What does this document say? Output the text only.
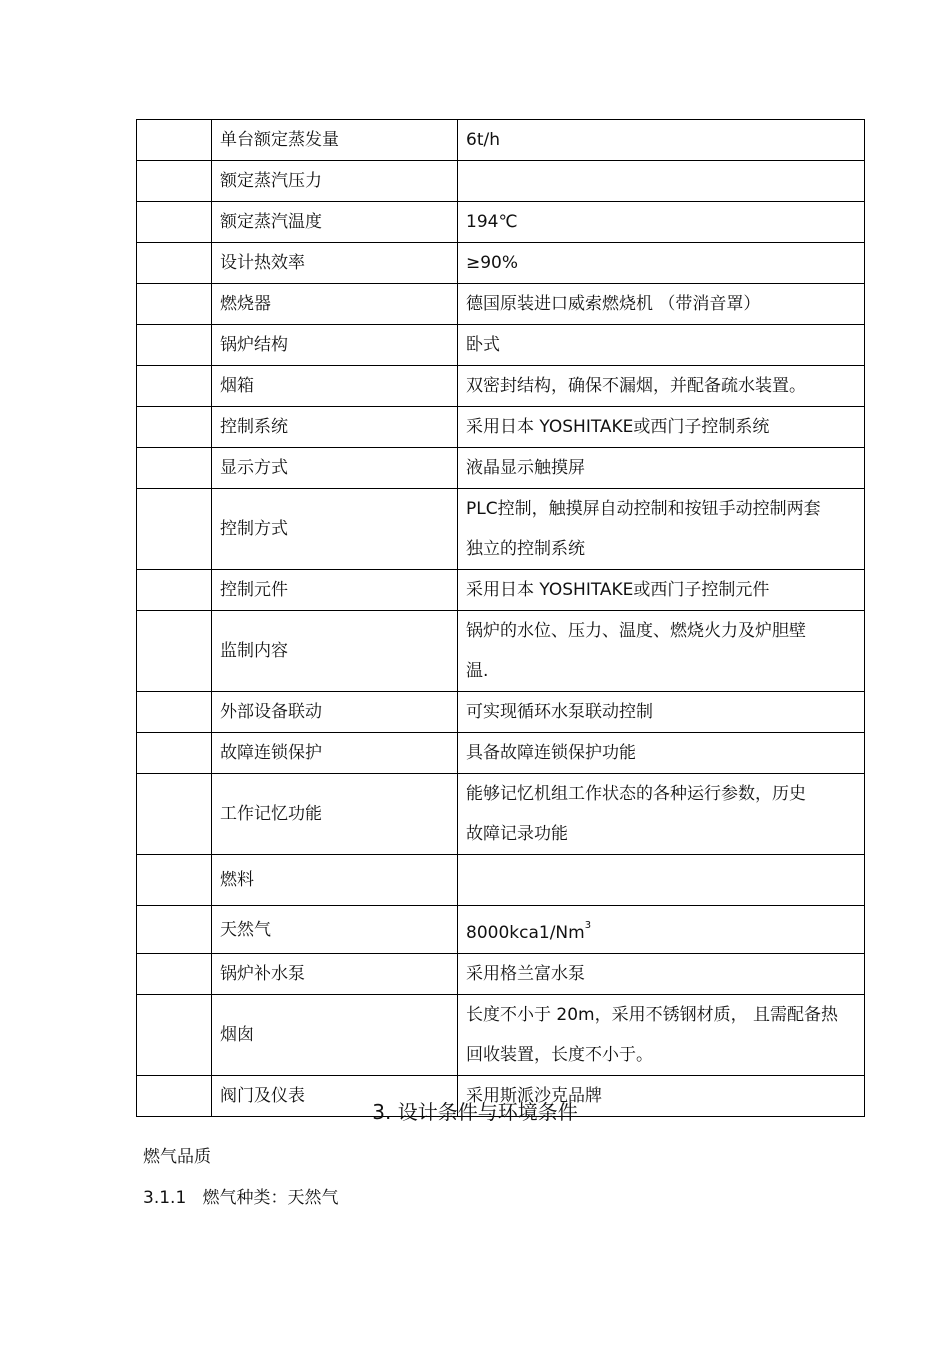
	单台额定蒸发量	6t/h
	额定蒸汽压力	
	额定蒸汽温度	194℃
	设计热效率	≥90%
	燃烧器	德国原装进口威索燃烧机 （带消音罩）
	锅炉结构	卧式
	烟箱	双密封结构，确保不漏烟，并配备疏水装置。
	控制系统	采用日本 YOSHITAKE或西门子控制系统
	显示方式	液晶显示触摸屏
	控制方式	PLC控制，触摸屏自动控制和按钮手动控制两套
独立的控制系统

	控制元件	采用日本 YOSHITAKE或西门子控制元件
	监制内容	锅炉的水位、压力、温度、燃烧火力及炉胆壁
温.

	外部设备联动	可实现循环水泵联动控制
	故障连锁保护	具备故障连锁保护功能
	工作记忆功能	能够记忆机组工作状态的各种运行参数，历史
故障记录功能

	燃料	
	天然气	8000kca1/Nm$^3$
	锅炉补水泵	采用格兰富水泵
	烟囱	长度不小于 20m，采用不锈钢材质， 且需配备热
回收装置，长度不小于。

	阀门及仪表	采用斯派沙克品牌
3. 设计条件与环境条件
燃气品质
3.1.1 燃气种类：天然气
